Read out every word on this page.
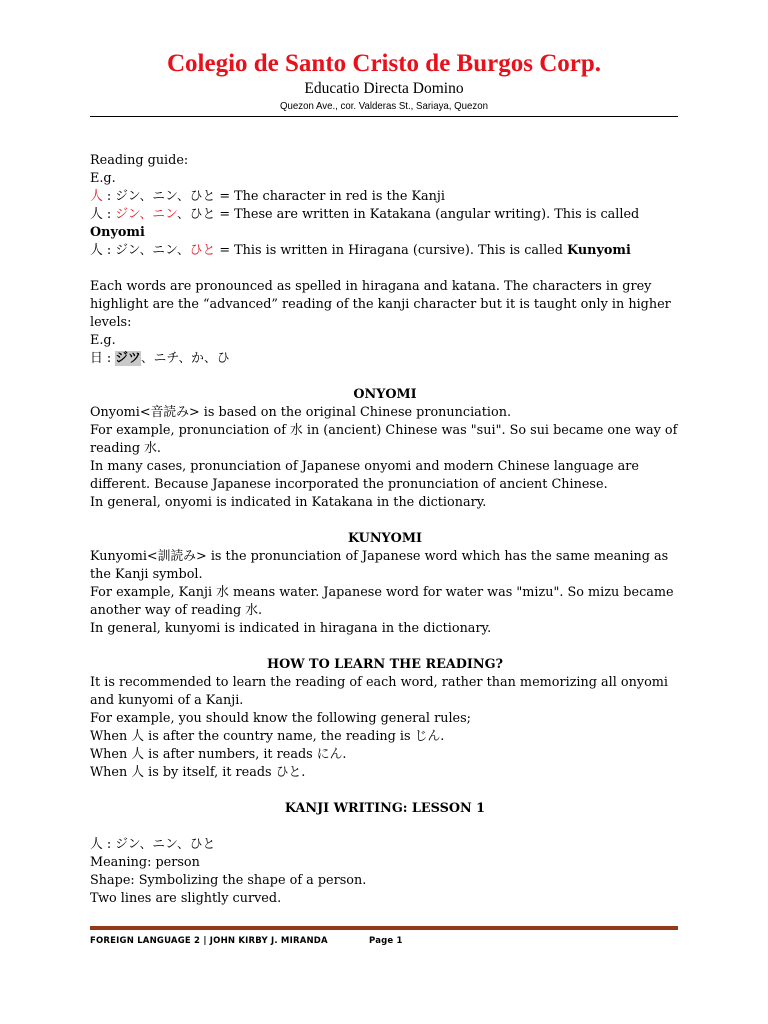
Colegio de Santo Cristo de Burgos Corp.
Educatio Directa Domino
Quezon Ave., cor. Valderas St., Sariaya, Quezon

Reading guide:

E.g.

人 : ジン、ニン、ひと = The character in red is the Kanji

人 : ジン、ニン、ひと = These are written in Katakana (angular writing). This is called
Onyomi

人 : ジン、ニン、ひと = This is written in Hiragana (cursive). This is called Kunyomi

Each words are pronounced as spelled in hiragana and katana. The characters in grey highlight are the “advanced” reading of the kanji character but it is taught only in higher levels:

E.g.

日 : ジツ、ニチ、か、ひ

ONYOMI

Onyomi<音読み> is based on the original Chinese pronunciation.

For example, pronunciation of 水 in (ancient) Chinese was "sui". So sui became one way of reading 水.

In many cases, pronunciation of Japanese onyomi and modern Chinese language are different. Because Japanese incorporated the pronunciation of ancient Chinese.

In general, onyomi is indicated in Katakana in the dictionary.

KUNYOMI

Kunyomi<訓読み> is the pronunciation of Japanese word which has the same meaning as the Kanji symbol.

For example, Kanji 水 means water. Japanese word for water was "mizu". So mizu became another way of reading 水.

In general, kunyomi is indicated in hiragana in the dictionary.

HOW TO LEARN THE READING?

It is recommended to learn the reading of each word, rather than memorizing all onyomi and kunyomi of a Kanji.

For example, you should know the following general rules;

When 人 is after the country name, the reading is じん.

When 人 is after numbers, it reads にん.

When 人 is by itself, it reads ひと.

KANJI WRITING: LESSON 1

人 : ジン、ニン、ひと

Meaning: person

Shape: Symbolizing the shape of a person.

Two lines are slightly curved.

FOREIGN LANGUAGE 2 | JOHN KIRBY J. MIRANDA	Page 1
